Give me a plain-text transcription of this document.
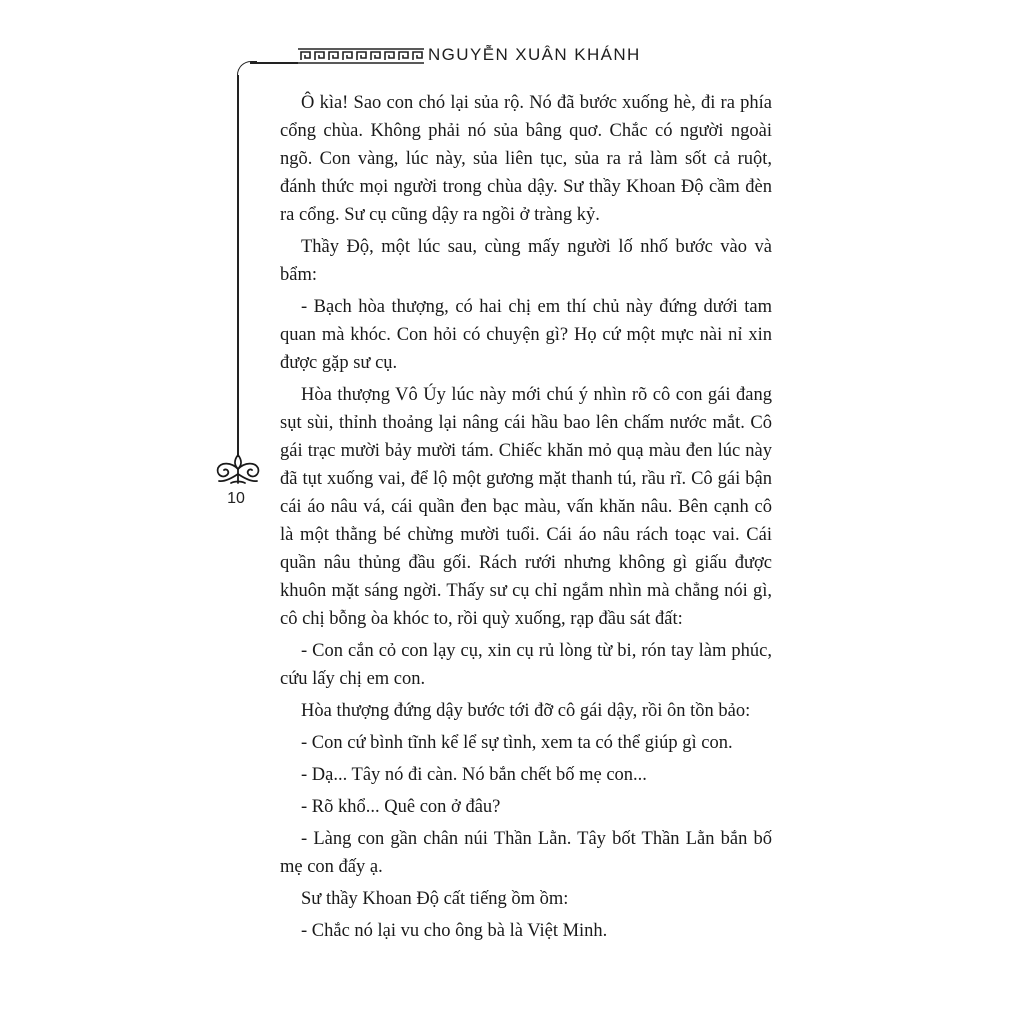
NGUYỄN XUÂN KHÁNH
10

Ô kìa! Sao con chó lại sủa rộ. Nó đã bước xuống hè, đi ra phía cổng chùa. Không phải nó sủa bâng quơ. Chắc có người ngoài ngõ. Con vàng, lúc này, sủa liên tục, sủa ra rả làm sốt cả ruột, đánh thức mọi người trong chùa dậy. Sư thầy Khoan Độ cầm đèn ra cổng. Sư cụ cũng dậy ra ngồi ở tràng kỷ.

Thầy Độ, một lúc sau, cùng mấy người lố nhố bước vào và bẩm:

- Bạch hòa thượng, có hai chị em thí chủ này đứng dưới tam quan mà khóc. Con hỏi có chuyện gì? Họ cứ một mực nài nỉ xin được gặp sư cụ.

Hòa thượng Vô Úy lúc này mới chú ý nhìn rõ cô con gái đang sụt sùi, thỉnh thoảng lại nâng cái hầu bao lên chấm nước mắt. Cô gái trạc mười bảy mười tám. Chiếc khăn mỏ quạ màu đen lúc này đã tụt xuống vai, để lộ một gương mặt thanh tú, rầu rĩ. Cô gái bận cái áo nâu vá, cái quần đen bạc màu, vấn khăn nâu. Bên cạnh cô là một thằng bé chừng mười tuổi. Cái áo nâu rách toạc vai. Cái quần nâu thủng đầu gối. Rách rưới nhưng không gì giấu được khuôn mặt sáng ngời. Thấy sư cụ chỉ ngắm nhìn mà chẳng nói gì, cô chị bỗng òa khóc to, rồi quỳ xuống, rạp đầu sát đất:

- Con cắn cỏ con lạy cụ, xin cụ rủ lòng từ bi, rón tay làm phúc, cứu lấy chị em con.

Hòa thượng đứng dậy bước tới đỡ cô gái dậy, rồi ôn tồn bảo:

- Con cứ bình tĩnh kể lể sự tình, xem ta có thể giúp gì con.

- Dạ... Tây nó đi càn. Nó bắn chết bố mẹ con...

- Rõ khổ... Quê con ở đâu?

- Làng con gần chân núi Thần Lằn. Tây bốt Thần Lằn bắn bố mẹ con đấy ạ.

Sư thầy Khoan Độ cất tiếng ồm ồm:

- Chắc nó lại vu cho ông bà là Việt Minh.
